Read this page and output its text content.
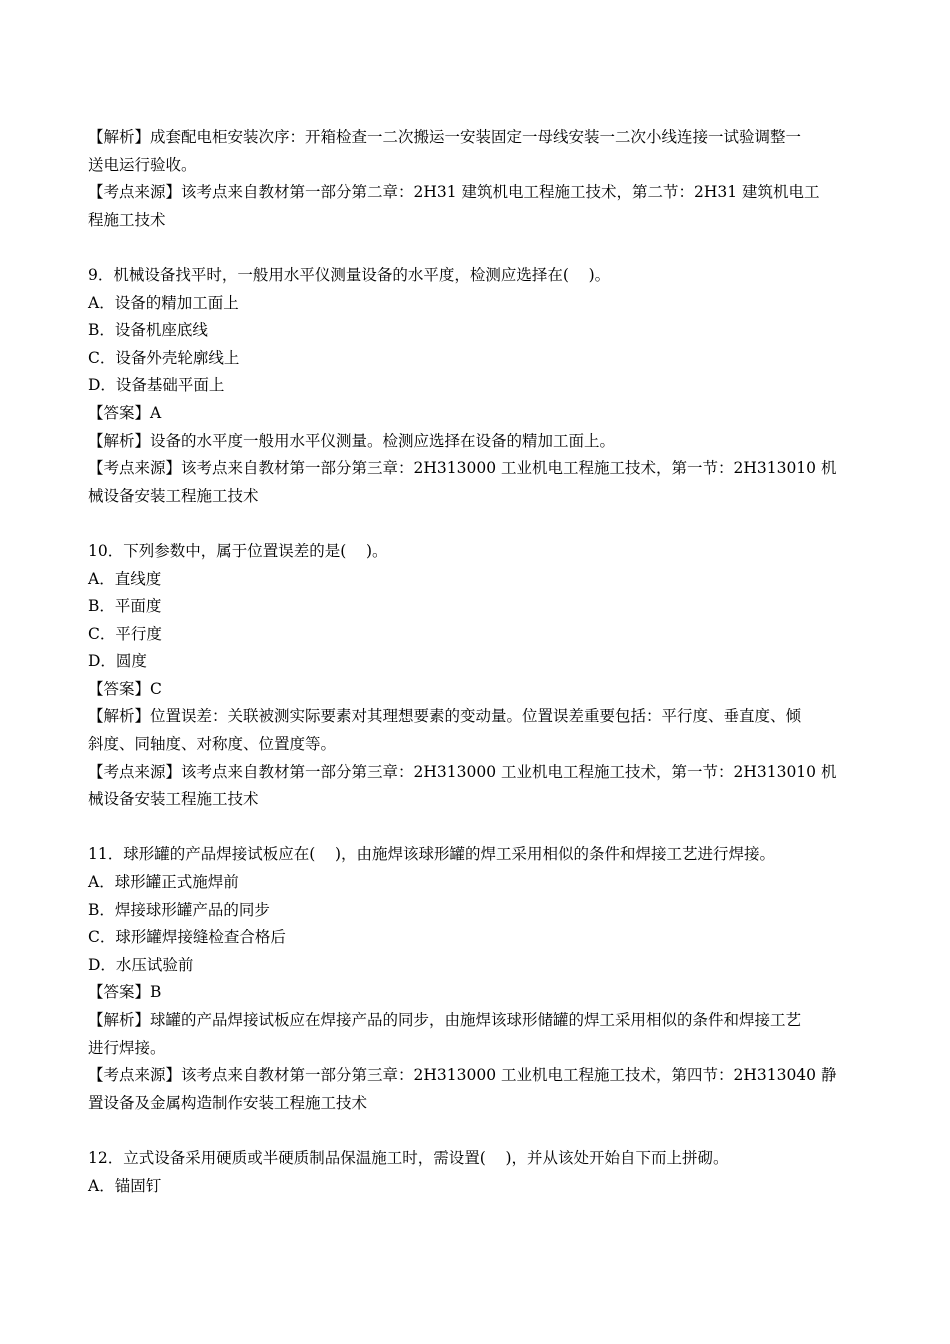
【解析】成套配电柜安装次序：开箱检查一二次搬运一安装固定一母线安装一二次小线连接一试验调整一
送电运行验收。
【考点来源】该考点来自教材第一部分第二章：2H31 建筑机电工程施工技术，第二节：2H31 建筑机电工
程施工技术
9．机械设备找平时，一般用水平仪测量设备的水平度，检测应选择在(    )。
A．设备的精加工面上
B．设备机座底线
C．设备外壳轮廓线上
D．设备基础平面上
【答案】A
【解析】设备的水平度一般用水平仪测量。检测应选择在设备的精加工面上。
【考点来源】该考点来自教材第一部分第三章：2H313000 工业机电工程施工技术，第一节：2H313010 机
械设备安装工程施工技术
10．下列参数中，属于位置误差的是(    )。
A．直线度
B．平面度
C．平行度
D．圆度
【答案】C
【解析】位置误差：关联被测实际要素对其理想要素的变动量。位置误差重要包括：平行度、垂直度、倾
斜度、同轴度、对称度、位置度等。
【考点来源】该考点来自教材第一部分第三章：2H313000 工业机电工程施工技术，第一节：2H313010 机
械设备安装工程施工技术
11．球形罐的产品焊接试板应在(    )，由施焊该球形罐的焊工采用相似的条件和焊接工艺进行焊接。
A．球形罐正式施焊前
B．焊接球形罐产品的同步
C．球形罐焊接缝检查合格后
D．水压试验前
【答案】B
【解析】球罐的产品焊接试板应在焊接产品的同步，由施焊该球形储罐的焊工采用相似的条件和焊接工艺
进行焊接。
【考点来源】该考点来自教材第一部分第三章：2H313000 工业机电工程施工技术，第四节：2H313040 静
置设备及金属构造制作安装工程施工技术
12．立式设备采用硬质或半硬质制品保温施工时，需设置(    )，并从该处开始自下而上拼砌。
A．锚固钉
